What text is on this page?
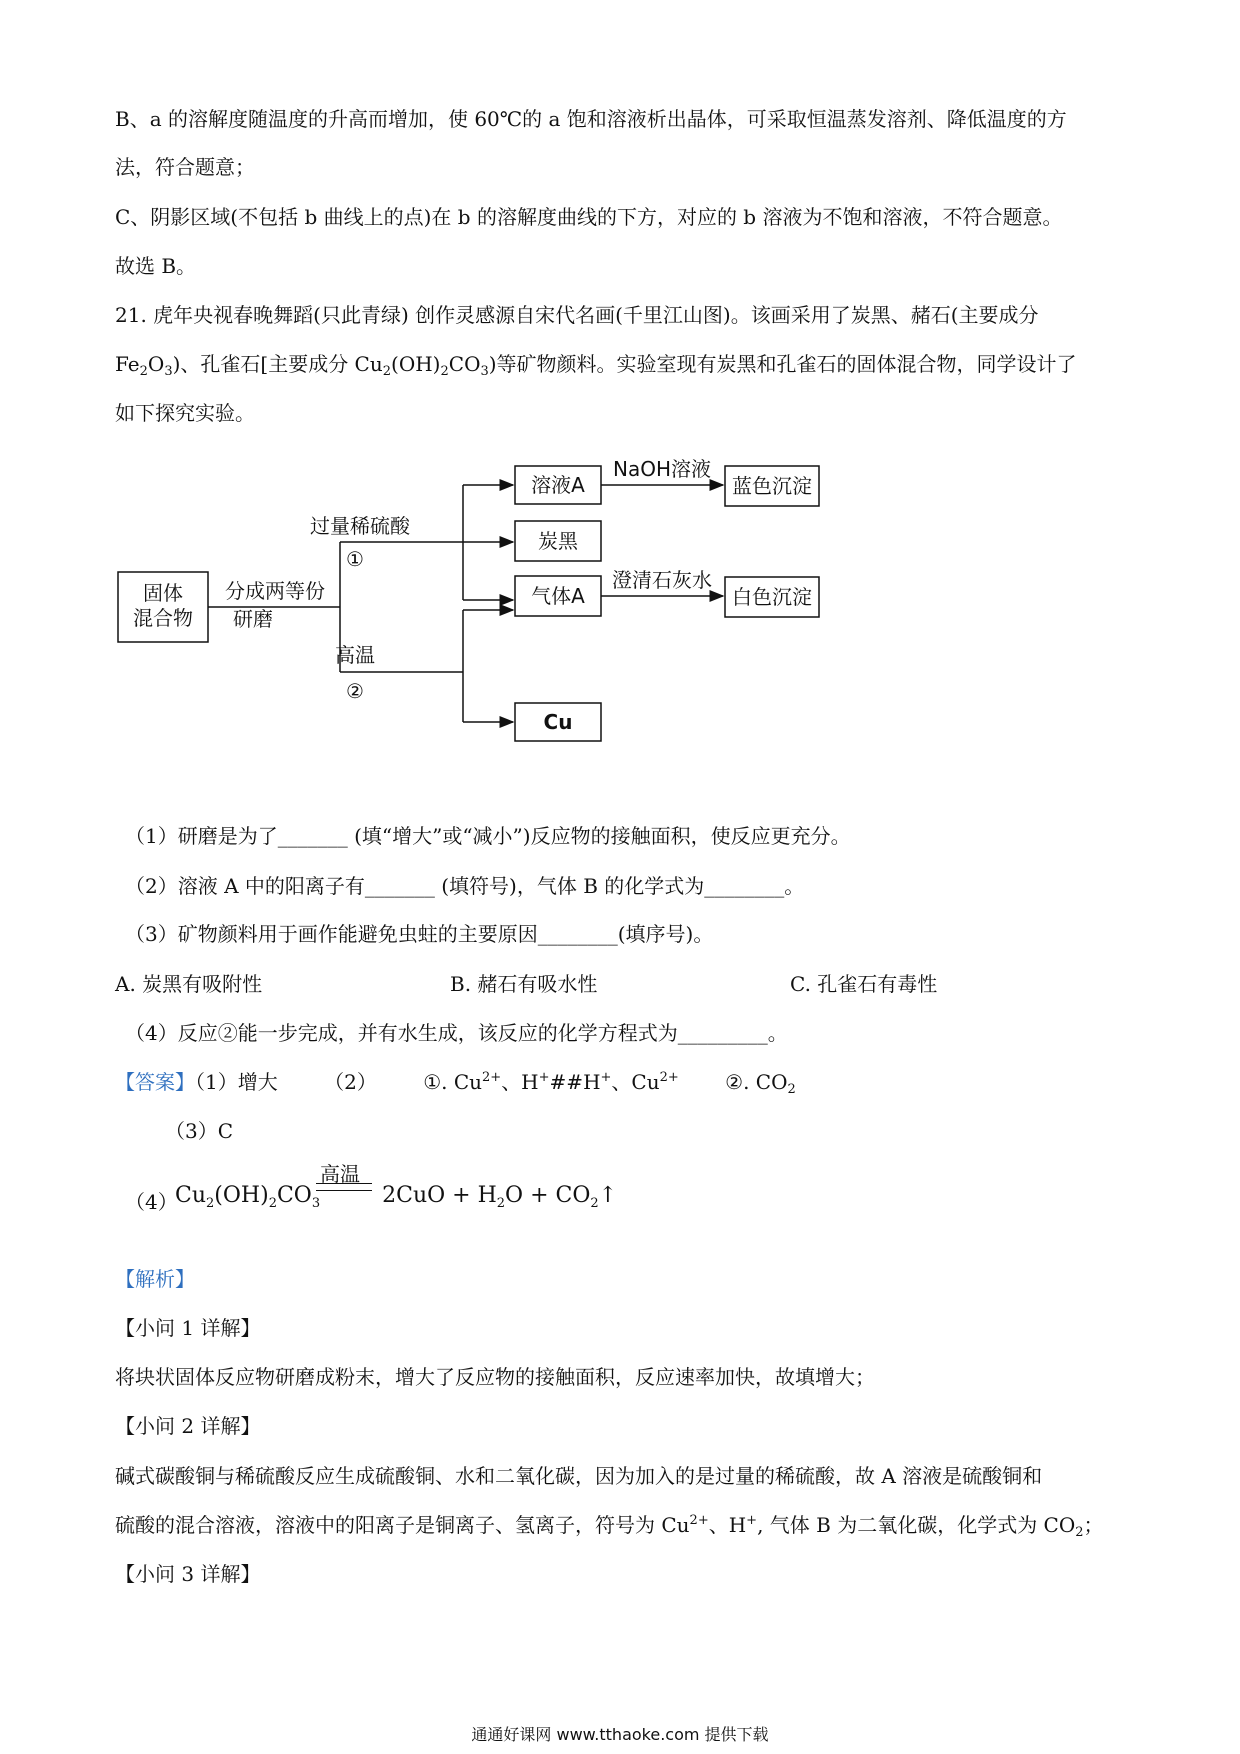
B、a 的溶解度随温度的升高而增加，使 60℃的 a 饱和溶液析出晶体，可采取恒温蒸发溶剂、降低温度的方
法，符合题意；
C、阴影区域(不包括 b 曲线上的点)在 b 的溶解度曲线的下方，对应的 b 溶液为不饱和溶液，不符合题意。
故选 B。
21. 虎年央视春晚舞蹈(只此青绿) 创作灵感源自宋代名画(千里江山图)。该画采用了炭黑、赭石(主要成分
$Fe_2O_3$)、孔雀石[主要成分 $Cu_2(OH)_2CO_3$)等矿物颜料。实验室现有炭黑和孔雀石的固体混合物，同学设计了
如下探究实验。
固体
混合物
分成两等份
研磨
过量稀硫酸
①
高温
②
溶液A
炭黑
气体A
Cu
NaOH溶液
澄清石灰水
蓝色沉淀
白色沉淀
（1）研磨是为了_______ (填“增大”或“减小”)反应物的接触面积，使反应更充分。
（2）溶液 A 中的阳离子有_______ (填符号)，气体 B 的化学式为________。
（3）矿物颜料用于画作能避免虫蛀的主要原因________(填序号)。
A. 炭黑有吸附性	B. 赭石有吸水性	C. 孔雀石有毒性
（4）反应②能一步完成，并有水生成，该反应的化学方程式为_________。
【答案】（1）增大 （2） ①. $Cu^{2+}$、H+##H+、$Cu^{2+}$ ②. $CO_2$
（3）C
（4）
高温
$Cu_2(OH)_2CO_3$	$2CuO + H_2O$ + $CO_2↑$
【解析】
【小问 1 详解】
将块状固体反应物研磨成粉末，增大了反应物的接触面积，反应速率加快，故填增大；
【小问 2 详解】
碱式碳酸铜与稀硫酸反应生成硫酸铜、水和二氧化碳，因为加入的是过量的稀硫酸，故 A 溶液是硫酸铜和
硫酸的混合溶液，溶液中的阳离子是铜离子、氢离子，符号为 $Cu^{2+}$、H+, 气体 B 为二氧化碳，化学式为 $CO_2$；
【小问 3 详解】
通通好课网 www.tthaoke.com 提供下载
